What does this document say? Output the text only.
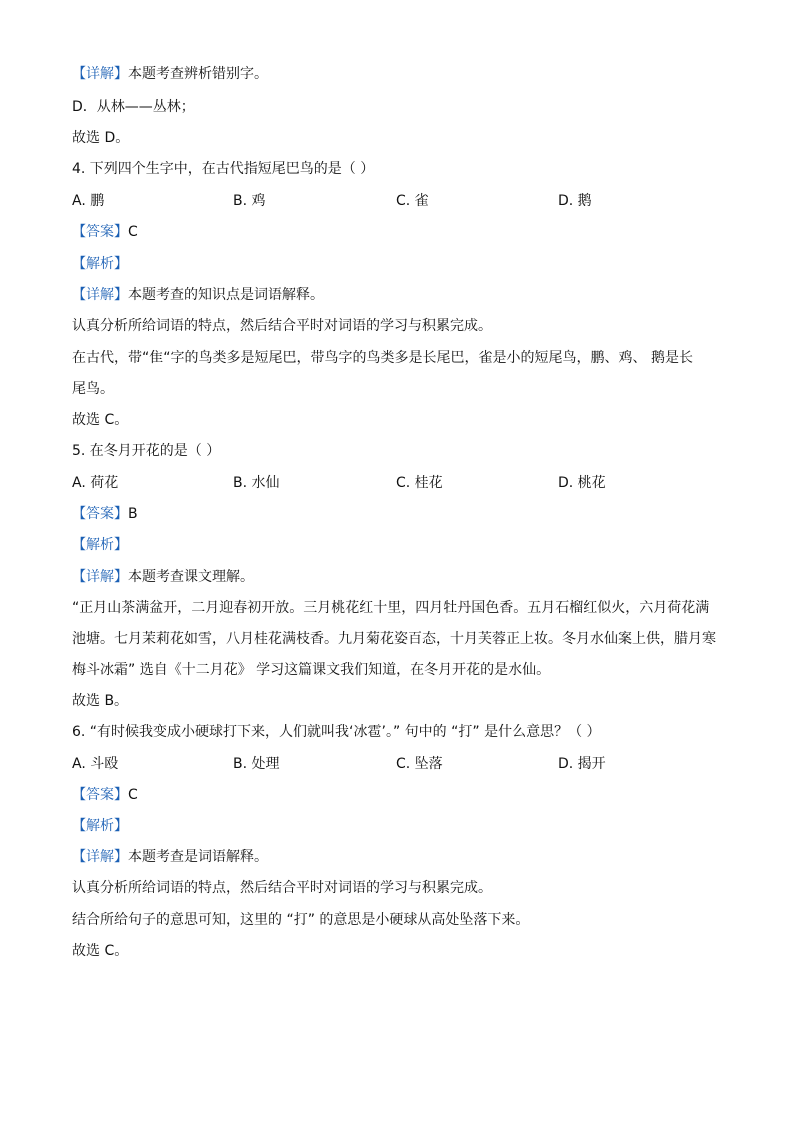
【详解】本题考查辨析错别字。
D．从林——丛林；
故选 D。
4. 下列四个生字中，在古代指短尾巴鸟的是（ ）
A. 鹏	B. 鸡	C. 雀	D. 鹅
【答案】C
【解析】
【详解】本题考查的知识点是词语解释。
认真分析所给词语的特点，然后结合平时对词语的学习与积累完成。
在古代，带“隹“字的鸟类多是短尾巴，带鸟字的鸟类多是长尾巴，雀是小的短尾鸟，鹏、鸡、 鹅是长
尾鸟。
故选 C。
5. 在冬月开花的是（ ）
A. 荷花	B. 水仙	C. 桂花	D. 桃花
【答案】B
【解析】
【详解】本题考查课文理解。
“正月山茶满盆开，二月迎春初开放。三月桃花红十里，四月牡丹国色香。五月石榴红似火，六月荷花满
池塘。七月茉莉花如雪，八月桂花满枝香。九月菊花姿百态，十月芙蓉正上妆。冬月水仙案上供，腊月寒
梅斗冰霜” 选自《十二月花》 学习这篇课文我们知道，在冬月开花的是水仙。
故选 B。
6. “有时候我变成小硬球打下来，人们就叫我‘冰雹’。” 句中的 “打” 是什么意思？（ ）
A. 斗殴	B. 处理	C. 坠落	D. 揭开
【答案】C
【解析】
【详解】本题考查是词语解释。
认真分析所给词语的特点，然后结合平时对词语的学习与积累完成。
结合所给句子的意思可知，这里的 “打” 的意思是小硬球从高处坠落下来。
故选 C。
